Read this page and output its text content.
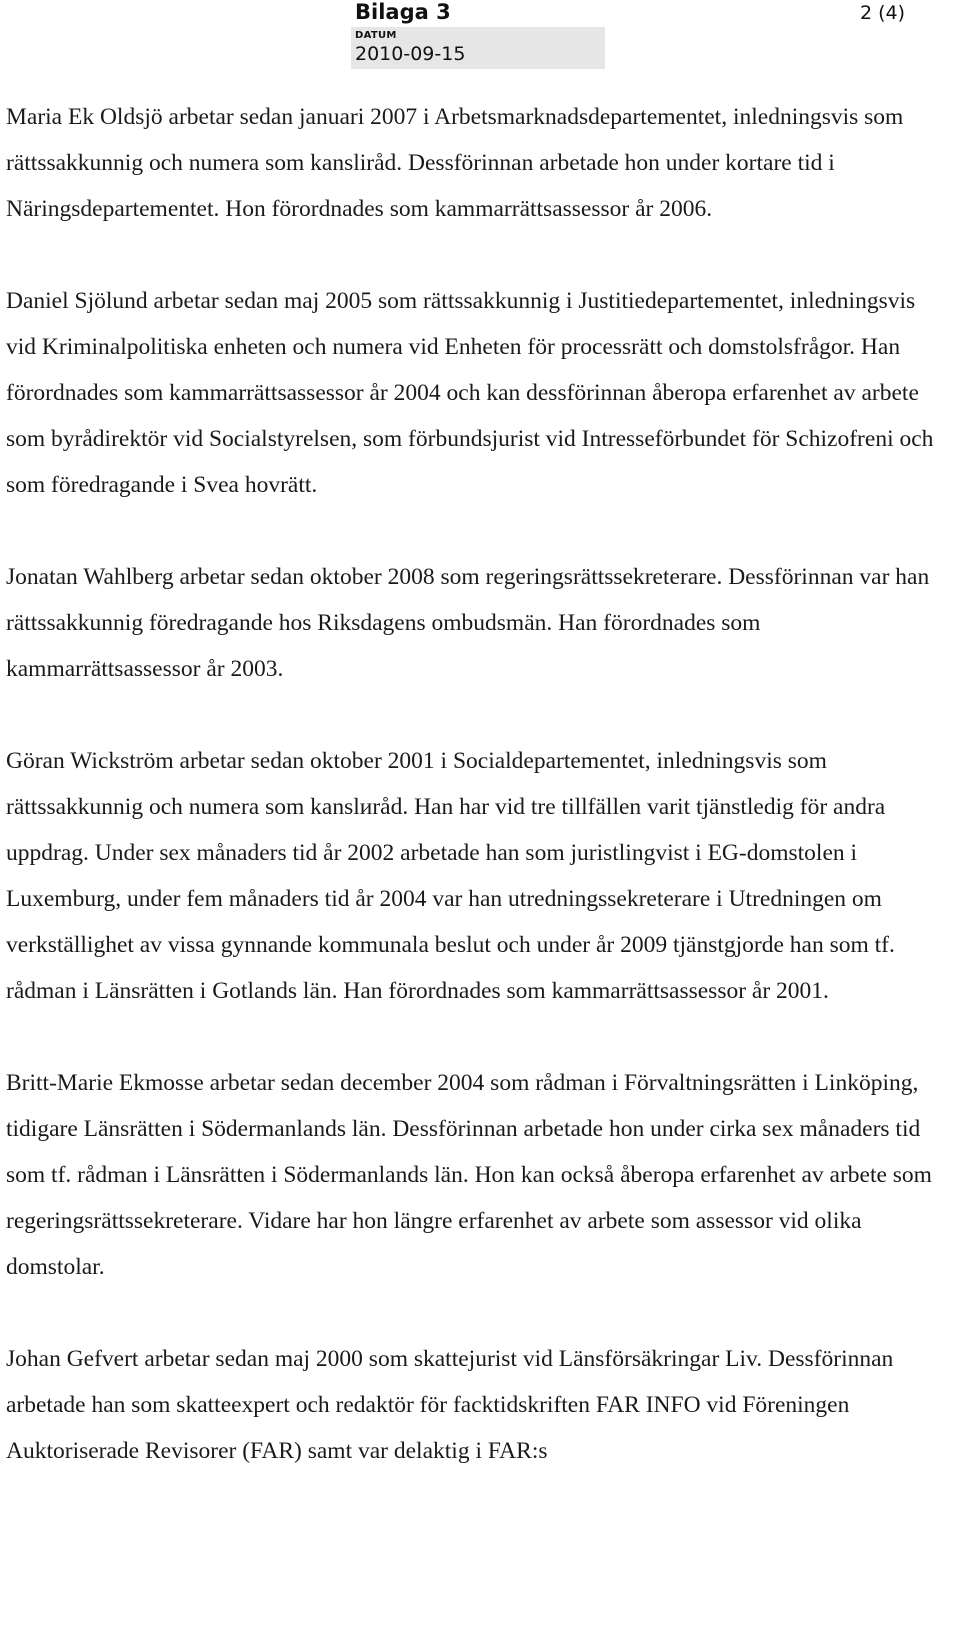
Bilaga 3	2 (4)
DATUM
2010-09-15

Maria Ek Oldsjö arbetar sedan januari 2007 i Arbetsmarknadsdepartementet, inledningsvis som rättssakkunnig och numera som kansliråd. Dessförinnan arbetade hon under kortare tid i Näringsdepartementet. Hon förordnades som kammarrättsassessor år 2006.

Daniel Sjölund arbetar sedan maj 2005 som rättssakkunnig i Justitiedepartementet, inledningsvis vid Kriminalpolitiska enheten och numera vid Enheten för processrätt och domstolsfrågor. Han förordnades som kammarrättsassessor år 2004 och kan dessförinnan åberopa erfarenhet av arbete som byrådirektör vid Socialstyrelsen, som förbundsjurist vid Intresseförbundet för Schizofreni och som föredragande i Svea hovrätt.

Jonatan Wahlberg arbetar sedan oktober 2008 som regeringsrättssekreterare. Dessförinnan var han rättssakkunnig föredragande hos Riksdagens ombudsmän. Han förordnades som kammarrättsassessor år 2003.

Göran Wickström arbetar sedan oktober 2001 i Socialdepartementet, inledningsvis som rättssakkunnig och numera som kanslиråd. Han har vid tre tillfällen varit tjänstledig för andra uppdrag. Under sex månaders tid år 2002 arbetade han som juristlingvist i EG-domstolen i Luxemburg, under fem månaders tid år 2004 var han utredningssekreterare i Utredningen om verkställighet av vissa gynnande kommunala beslut och under år 2009 tjänstgjorde han som tf. rådman i Länsrätten i Gotlands län. Han förordnades som kammarrättsassessor år 2001.

Britt-Marie Ekmosse arbetar sedan december 2004 som rådman i Förvaltningsrätten i Linköping, tidigare Länsrätten i Södermanlands län. Dessförinnan arbetade hon under cirka sex månaders tid som tf. rådman i Länsrätten i Södermanlands län. Hon kan också åberopa erfarenhet av arbete som regeringsrättssekreterare. Vidare har hon längre erfarenhet av arbete som assessor vid olika domstolar.

Johan Gefvert arbetar sedan maj 2000 som skattejurist vid Länsförsäkringar Liv. Dessförinnan arbetade han som skatteexpert och redaktör för facktidskriften FAR INFO vid Föreningen Auktoriserade Revisorer (FAR) samt var delaktig i FAR:s
